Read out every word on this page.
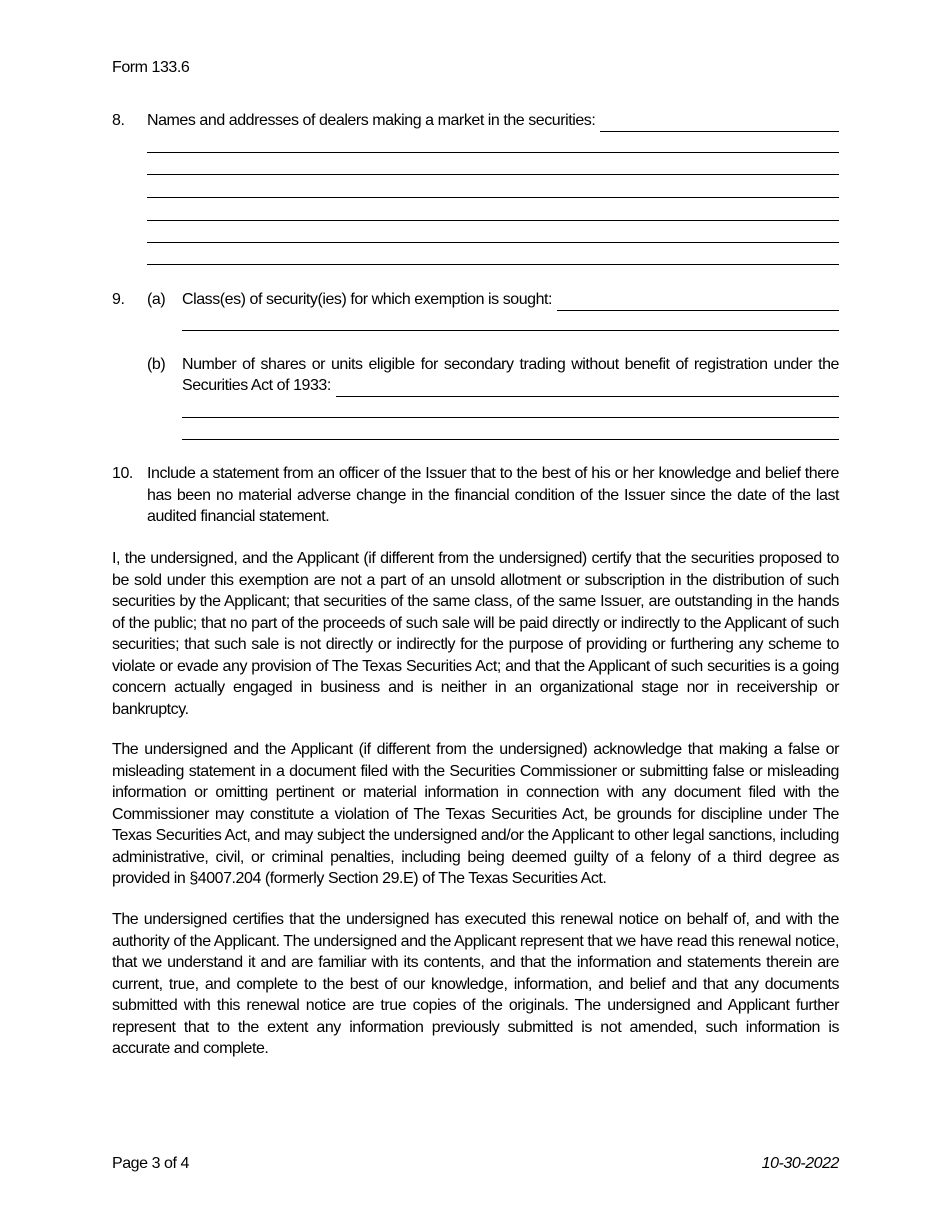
Form 133.6
8. Names and addresses of dealers making a market in the securities:
9. (a) Class(es) of security(ies) for which exemption is sought:
(b) Number of shares or units eligible for secondary trading without benefit of registration under the
Securities Act of 1933:
10. Include a statement from an officer of the Issuer that to the best of his or her knowledge and belief there has been no material adverse change in the financial condition of the Issuer since the date of the last audited financial statement.
I, the undersigned, and the Applicant (if different from the undersigned) certify that the securities proposed to be sold under this exemption are not a part of an unsold allotment or subscription in the distribution of such securities by the Applicant; that securities of the same class, of the same Issuer, are outstanding in the hands of the public; that no part of the proceeds of such sale will be paid directly or indirectly to the Applicant of such securities; that such sale is not directly or indirectly for the purpose of providing or furthering any scheme to violate or evade any provision of The Texas Securities Act; and that the Applicant of such securities is a going concern actually engaged in business and is neither in an organizational stage nor in receivership or bankruptcy.
The undersigned and the Applicant (if different from the undersigned) acknowledge that making a false or misleading statement in a document filed with the Securities Commissioner or submitting false or misleading information or omitting pertinent or material information in connection with any document filed with the Commissioner may constitute a violation of The Texas Securities Act, be grounds for discipline under The Texas Securities Act, and may subject the undersigned and/or the Applicant to other legal sanctions, including administrative, civil, or criminal penalties, including being deemed guilty of a felony of a third degree as provided in §4007.204 (formerly Section 29.E) of The Texas Securities Act.
The undersigned certifies that the undersigned has executed this renewal notice on behalf of, and with the authority of the Applicant. The undersigned and the Applicant represent that we have read this renewal notice, that we understand it and are familiar with its contents, and that the information and statements therein are current, true, and complete to the best of our knowledge, information, and belief and that any documents submitted with this renewal notice are true copies of the originals. The undersigned and Applicant further represent that to the extent any information previously submitted is not amended, such information is accurate and complete.
Page 3 of 4	10-30-2022
